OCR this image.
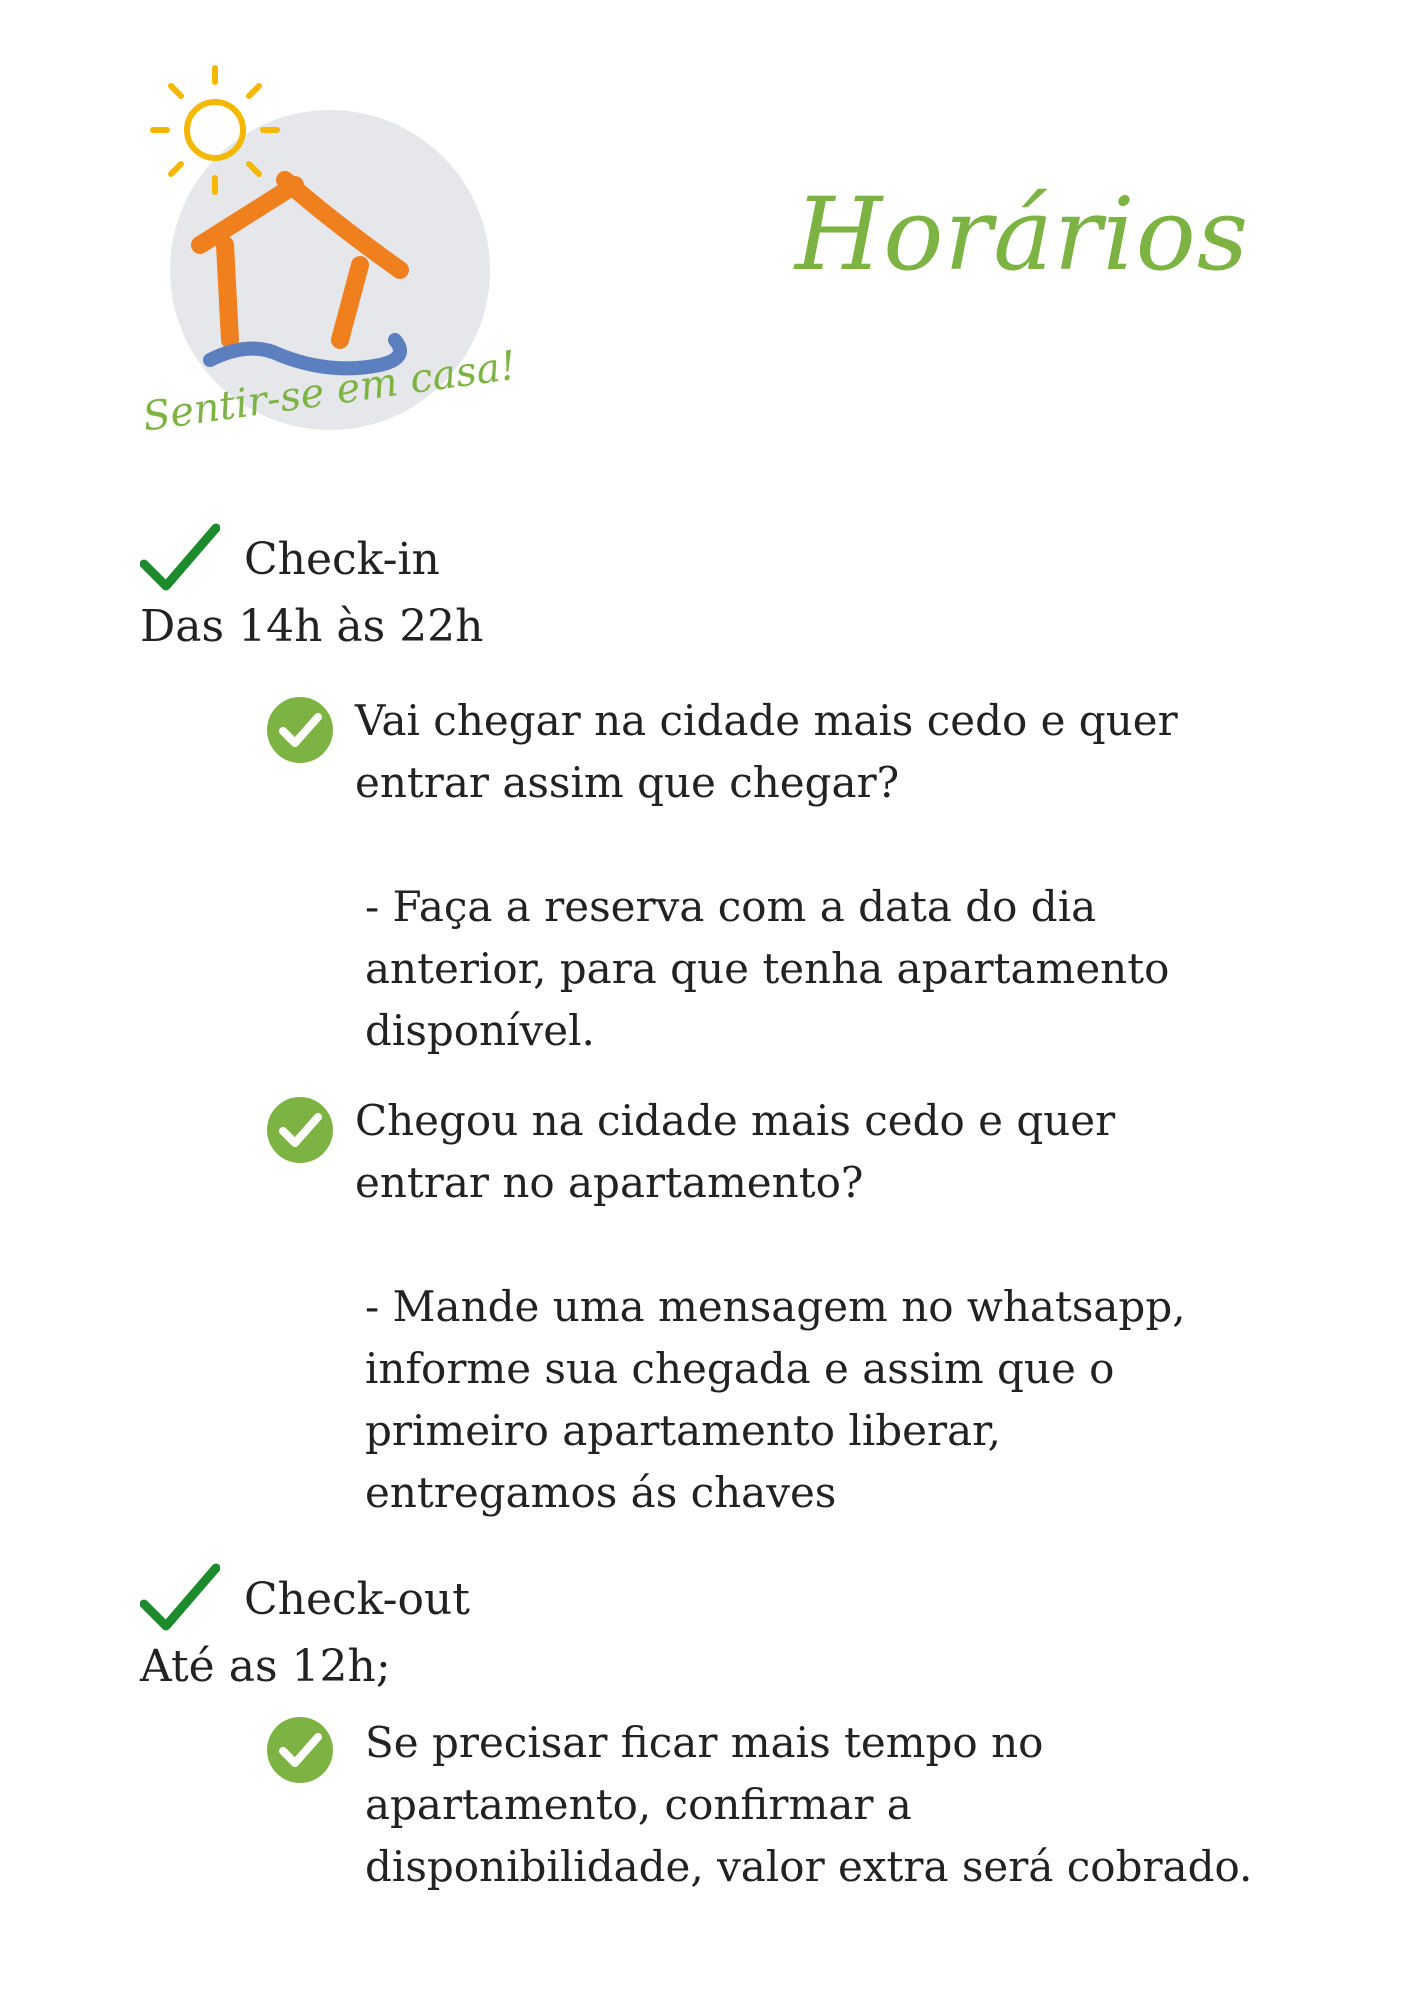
Sentir-se em casa!
Horários
Check-in
Das 14h às 22h
Vai chegar na cidade mais cedo e quer entrar assim que chegar?
- Faça a reserva com a data do dia anterior, para que tenha apartamento disponível.
Chegou na cidade mais cedo e quer entrar no apartamento?
- Mande uma mensagem no whatsapp, informe sua chegada e assim que o primeiro apartamento liberar, entregamos ás chaves
Check-out
Até as 12h;
Se precisar ficar mais tempo no apartamento, confirmar a disponibilidade, valor extra será cobrado.
